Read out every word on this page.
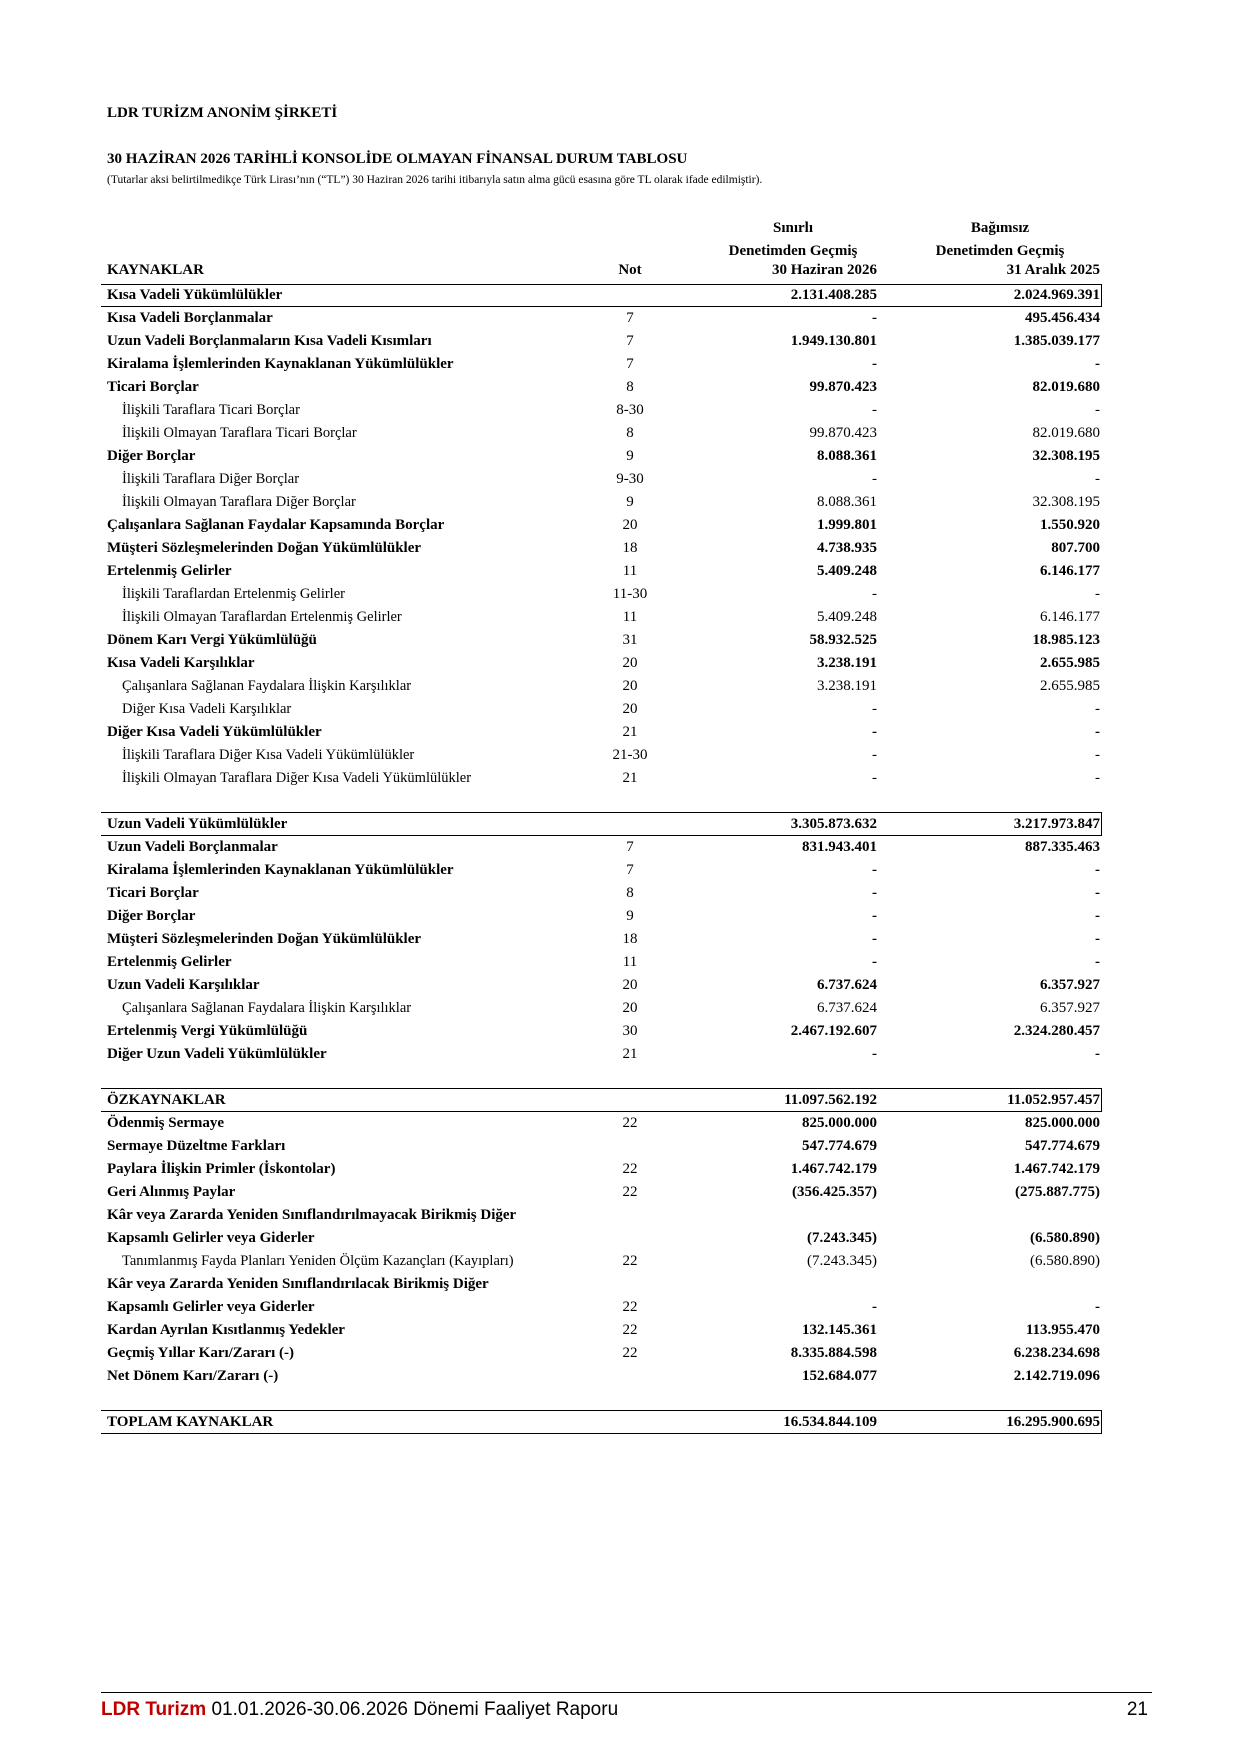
LDR TURİZM ANONİM ŞİRKETİ
30 HAZİRAN 2026 TARİHLİ KONSOLİDE OLMAYAN FİNANSAL DURUM TABLOSU
(Tutarlar aksi belirtilmedikçe Türk Lirası’nın (“TL”) 30 Haziran 2026 tarihi itibarıyla satın alma gücü esasına göre TL olarak ifade edilmiştir).
Sınırlı
Denetimden Geçmiş
Bağımsız
Denetimden Geçmiş
KAYNAKLAR	Not	30 Haziran 2026	31 Aralık 2025
Kısa Vadeli Yükümlülükler	2.131.408.285	2.024.969.391
Kısa Vadeli Borçlanmalar	7	-	495.456.434
Uzun Vadeli Borçlanmaların Kısa Vadeli Kısımları	7	1.949.130.801	1.385.039.177
Kiralama İşlemlerinden Kaynaklanan Yükümlülükler	7	-	-
Ticari Borçlar	8	99.870.423	82.019.680
İlişkili Taraflara Ticari Borçlar	8-30	-	-
İlişkili Olmayan Taraflara Ticari Borçlar	8	99.870.423	82.019.680
Diğer Borçlar	9	8.088.361	32.308.195
İlişkili Taraflara Diğer Borçlar	9-30	-	-
İlişkili Olmayan Taraflara Diğer Borçlar	9	8.088.361	32.308.195
Çalışanlara Sağlanan Faydalar Kapsamında Borçlar	20	1.999.801	1.550.920
Müşteri Sözleşmelerinden Doğan Yükümlülükler	18	4.738.935	807.700
Ertelenmiş Gelirler	11	5.409.248	6.146.177
İlişkili Taraflardan Ertelenmiş Gelirler	11-30	-	-
İlişkili Olmayan Taraflardan Ertelenmiş Gelirler	11	5.409.248	6.146.177
Dönem Karı Vergi Yükümlülüğü	31	58.932.525	18.985.123
Kısa Vadeli Karşılıklar	20	3.238.191	2.655.985
Çalışanlara Sağlanan Faydalara İlişkin Karşılıklar	20	3.238.191	2.655.985
Diğer Kısa Vadeli Karşılıklar	20	-	-
Diğer Kısa Vadeli Yükümlülükler	21	-	-
İlişkili Taraflara Diğer Kısa Vadeli Yükümlülükler	21-30	-	-
İlişkili Olmayan Taraflara Diğer Kısa Vadeli Yükümlülükler	21	-	-
Uzun Vadeli Yükümlülükler	3.305.873.632	3.217.973.847
Uzun Vadeli Borçlanmalar	7	831.943.401	887.335.463
Kiralama İşlemlerinden Kaynaklanan Yükümlülükler	7	-	-
Ticari Borçlar	8	-	-
Diğer Borçlar	9	-	-
Müşteri Sözleşmelerinden Doğan Yükümlülükler	18	-	-
Ertelenmiş Gelirler	11	-	-
Uzun Vadeli Karşılıklar	20	6.737.624	6.357.927
Çalışanlara Sağlanan Faydalara İlişkin Karşılıklar	20	6.737.624	6.357.927
Ertelenmiş Vergi Yükümlülüğü	30	2.467.192.607	2.324.280.457
Diğer Uzun Vadeli Yükümlülükler	21	-	-
ÖZKAYNAKLAR	11.097.562.192	11.052.957.457
Ödenmiş Sermaye	22	825.000.000	825.000.000
Sermaye Düzeltme Farkları	547.774.679	547.774.679
Paylara İlişkin Primler (İskontolar)	22	1.467.742.179	1.467.742.179
Geri Alınmış Paylar	22	(356.425.357)	(275.887.775)
Kâr veya Zararda Yeniden Sınıflandırılmayacak Birikmiş Diğer
Kapsamlı Gelirler veya Giderler	(7.243.345)	(6.580.890)
Tanımlanmış Fayda Planları Yeniden Ölçüm Kazançları (Kayıpları)	22	(7.243.345)	(6.580.890)
Kâr veya Zararda Yeniden Sınıflandırılacak Birikmiş Diğer
Kapsamlı Gelirler veya Giderler	22	-	-
Kardan Ayrılan Kısıtlanmış Yedekler	22	132.145.361	113.955.470
Geçmiş Yıllar Karı/Zararı (-)	22	8.335.884.598	6.238.234.698
Net Dönem Karı/Zararı (-)	152.684.077	2.142.719.096
TOPLAM KAYNAKLAR	16.534.844.109	16.295.900.695
LDR Turizm 01.01.2026-30.06.2026 Dönemi Faaliyet Raporu	21
